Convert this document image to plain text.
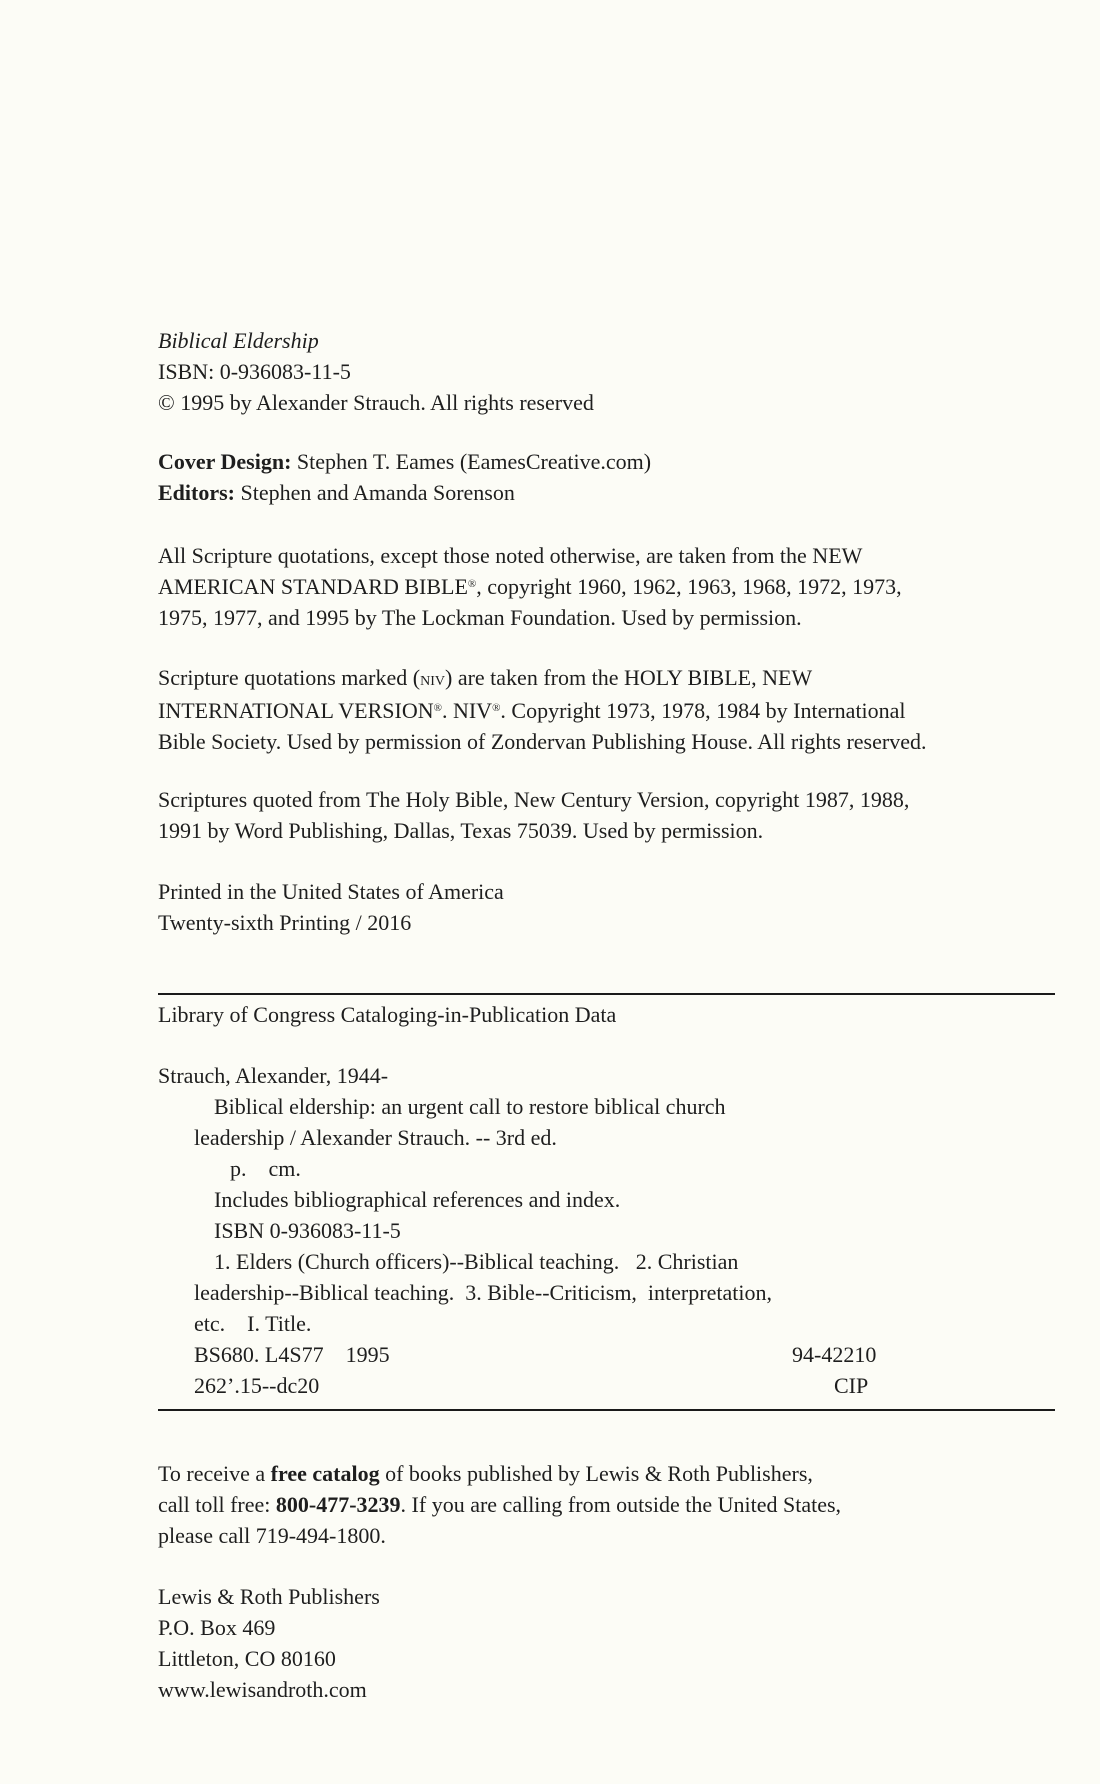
Biblical Eldership
ISBN: 0-936083-11-5
© 1995 by Alexander Strauch. All rights reserved
Cover Design: Stephen T. Eames (EamesCreative.com)
Editors: Stephen and Amanda Sorenson
All Scripture quotations, except those noted otherwise, are taken from the NEW
AMERICAN STANDARD BIBLE®, copyright 1960, 1962, 1963, 1968, 1972, 1973,
1975, 1977, and 1995 by The Lockman Foundation. Used by permission.
Scripture quotations marked (niv) are taken from the HOLY BIBLE, NEW
INTERNATIONAL VERSION®. NIV®. Copyright 1973, 1978, 1984 by International
Bible Society. Used by permission of Zondervan Publishing House. All rights reserved.
Scriptures quoted from The Holy Bible, New Century Version, copyright 1987, 1988,
1991 by Word Publishing, Dallas, Texas 75039. Used by permission.
Printed in the United States of America
Twenty-sixth Printing / 2016
Library of Congress Cataloging-in-Publication Data
Strauch, Alexander, 1944-
Biblical eldership: an urgent call to restore biblical church
leadership / Alexander Strauch. -- 3rd ed.
p.    cm.
Includes bibliographical references and index.
ISBN 0-936083-11-5
1. Elders (Church officers)--Biblical teaching.   2. Christian
leadership--Biblical teaching.  3. Bible--Criticism,  interpretation,
etc.    I. Title.
BS680. L4S77    1995	94-42210
262’.15--dc20	CIP
To receive a free catalog of books published by Lewis & Roth Publishers,
call toll free: 800-477-3239. If you are calling from outside the United States,
please call 719-494-1800.
Lewis & Roth Publishers
P.O. Box 469
Littleton, CO 80160
www.lewisandroth.com
